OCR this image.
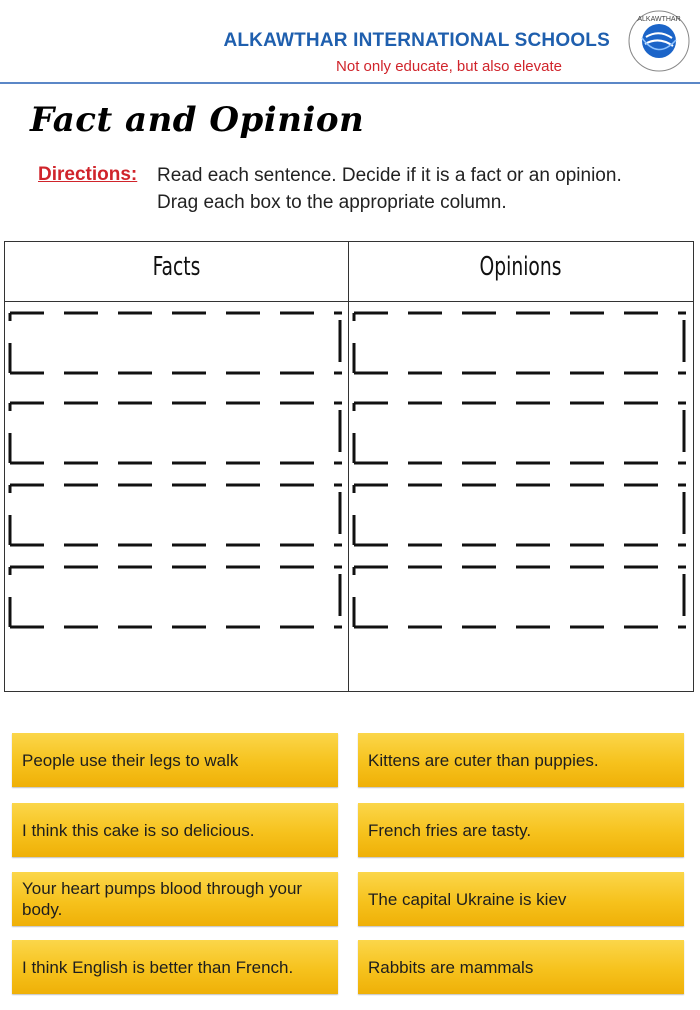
ALKAWTHAR INTERNATIONAL SCHOOLS
Not only educate, but also elevate
ALKAWTHAR
Fact and Opinion
Directions: Read each sentence. Decide if it is a fact or an opinion.
Drag each box to the appropriate column.
Facts	Opinions
People use their legs to walk	Kittens are cuter than puppies.
I think this cake is so delicious.	French fries are tasty.
Your heart pumps blood through your body.
The capital Ukraine is kiev
I think English is better than French.	Rabbits are mammals
